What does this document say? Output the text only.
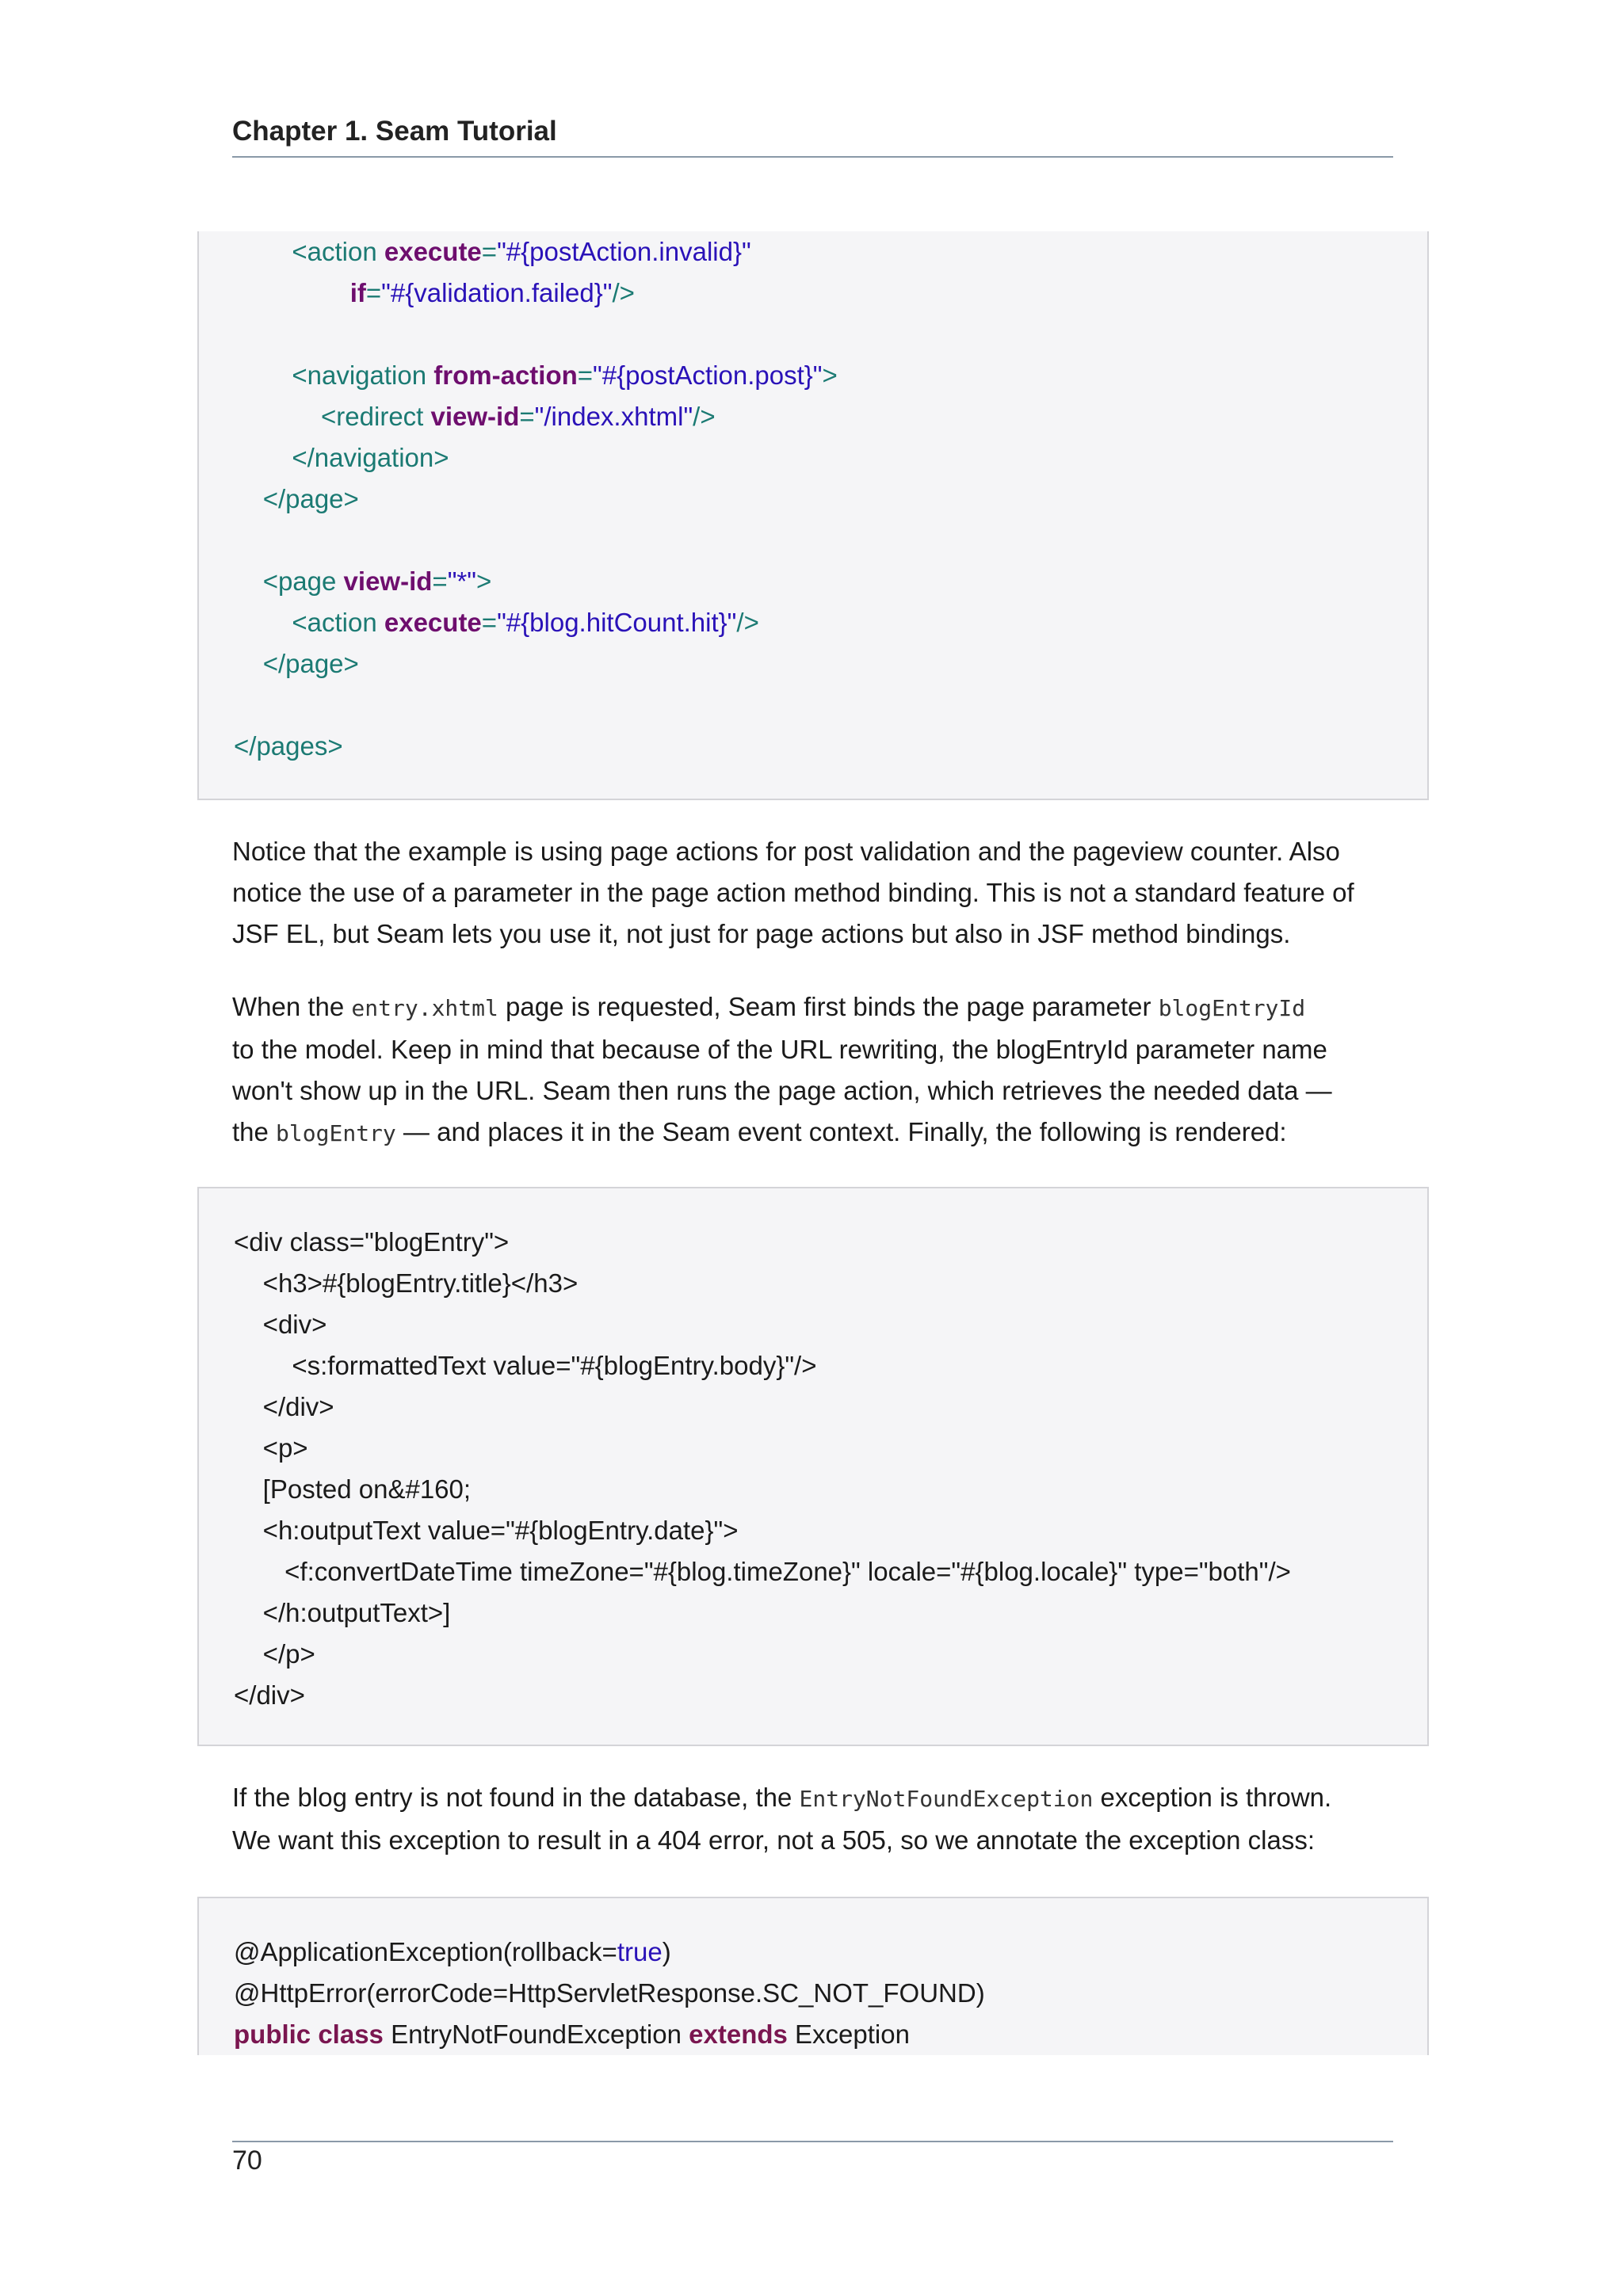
Chapter 1. Seam Tutorial
<action execute="#{postAction.invalid}"
if="#{validation.failed}"/>

<navigation from-action="#{postAction.post}">
<redirect view-id="/index.xhtml"/>
</navigation>
</page>

<page view-id="*">
<action execute="#{blog.hitCount.hit}"/>
</page>

</pages>
Notice that the example is using page actions for post validation and the pageview counter. Also
notice the use of a parameter in the page action method binding. This is not a standard feature of
JSF EL, but Seam lets you use it, not just for page actions but also in JSF method bindings.
When the entry.xhtml page is requested, Seam first binds the page parameter blogEntryId
to the model. Keep in mind that because of the URL rewriting, the blogEntryId parameter name
won't show up in the URL. Seam then runs the page action, which retrieves the needed data —
the blogEntry — and places it in the Seam event context. Finally, the following is rendered:
<div class="blogEntry">
<h3>#{blogEntry.title}</h3>
<div>
<s:formattedText value="#{blogEntry.body}"/>
</div>
<p>
[Posted on&#160;
<h:outputText value="#{blogEntry.date}">
<f:convertDateTime timeZone="#{blog.timeZone}" locale="#{blog.locale}" type="both"/>
</h:outputText>]
</p>
</div>
If the blog entry is not found in the database, the EntryNotFoundException exception is thrown.
We want this exception to result in a 404 error, not a 505, so we annotate the exception class:
@ApplicationException(rollback=true)
@HttpError(errorCode=HttpServletResponse.SC_NOT_FOUND)
public class EntryNotFoundException extends Exception
70
